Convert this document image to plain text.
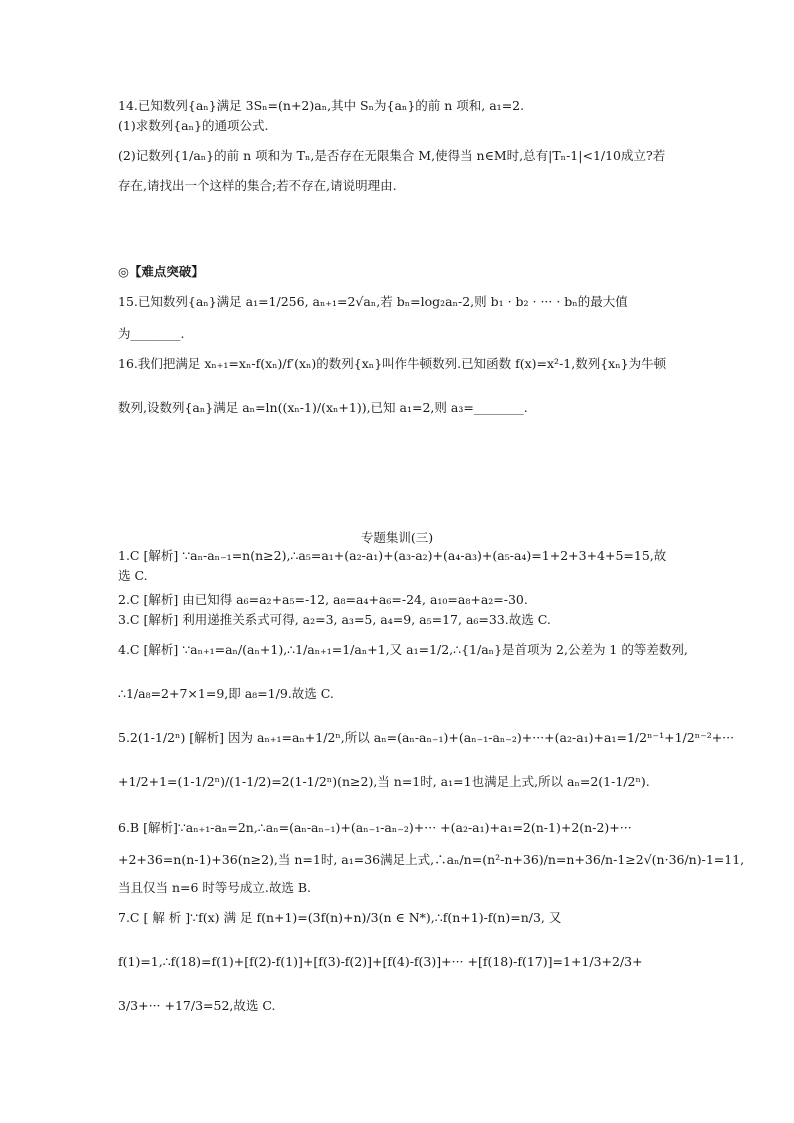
14.已知数列{aₙ}满足 3Sₙ=(n+2)aₙ,其中 Sₙ为{aₙ}的前 n 项和, a₁=2.
(1)求数列{aₙ}的通项公式.
(2)记数列{1/aₙ}的前 n 项和为 Tₙ,是否存在无限集合 M,使得当 n∈M时,总有|Tₙ-1|<1/10成立?若
存在,请找出一个这样的集合;若不存在,请说明理由.
◎【难点突破】
15.已知数列{aₙ}满足 a₁=1/256, aₙ₊₁=2√aₙ,若 bₙ=log₂aₙ-2,则 b₁ · b₂ · ··· · bₙ的最大值
为________.
16.我们把满足 xₙ₊₁=xₙ-f(xₙ)/f′(xₙ)的数列{xₙ}叫作牛顿数列.已知函数 f(x)=x²-1,数列{xₙ}为牛顿
数列,设数列{aₙ}满足 aₙ=ln((xₙ-1)/(xₙ+1)),已知 a₁=2,则 a₃=________.
专题集训(三)
1.C [解析] ∵aₙ-aₙ₋₁=n(n≥2),∴a₅=a₁+(a₂-a₁)+(a₃-a₂)+(a₄-a₃)+(a₅-a₄)=1+2+3+4+5=15,故
选 C.
2.C [解析] 由已知得 a₆=a₂+a₅=-12, a₈=a₄+a₆=-24, a₁₀=a₈+a₂=-30.
3.C [解析] 利用递推关系式可得, a₂=3, a₃=5, a₄=9, a₅=17, a₆=33.故选 C.
4.C [解析] ∵aₙ₊₁=aₙ/(aₙ+1),∴1/aₙ₊₁=1/aₙ+1,又 a₁=1/2,∴{1/aₙ}是首项为 2,公差为 1 的等差数列,
∴1/a₈=2+7×1=9,即 a₈=1/9.故选 C.
5.2(1-1/2ⁿ) [解析] 因为 aₙ₊₁=aₙ+1/2ⁿ,所以 aₙ=(aₙ-aₙ₋₁)+(aₙ₋₁-aₙ₋₂)+···+(a₂-a₁)+a₁=1/2ⁿ⁻¹+1/2ⁿ⁻²+···
+1/2+1=(1-1/2ⁿ)/(1-1/2)=2(1-1/2ⁿ)(n≥2),当 n=1时, a₁=1也满足上式,所以 aₙ=2(1-1/2ⁿ).
6.B [解析]∵aₙ₊₁-aₙ=2n,∴aₙ=(aₙ-aₙ₋₁)+(aₙ₋₁-aₙ₋₂)+··· +(a₂-a₁)+a₁=2(n-1)+2(n-2)+···
+2+36=n(n-1)+36(n≥2),当 n=1时, a₁=36满足上式,∴aₙ/n=(n²-n+36)/n=n+36/n-1≥2√(n·36/n)-1=11,
当且仅当 n=6 时等号成立.故选 B.
7.C [ 解 析 ]∵f(x) 满 足 f(n+1)=(3f(n)+n)/3(n ∈ N*),∴f(n+1)-f(n)=n/3, 又
f(1)=1,∴f(18)=f(1)+[f(2)-f(1)]+[f(3)-f(2)]+[f(4)-f(3)]+··· +[f(18)-f(17)]=1+1/3+2/3+
3/3+··· +17/3=52,故选 C.
